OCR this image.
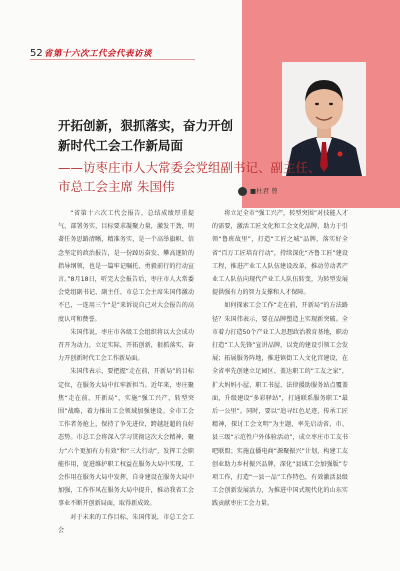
52 省第十六次工代会代表访谈
开拓创新，狠抓落实，奋力开创
新时代工会工作新局面
——访枣庄市人大常委会党组副书记、副主任、
市总工会主席 朱国伟	■杜君 曾

“省第十六次工代会报告，总结成绩厚重提气，部署务实，目标要求凝聚力量，激发干劲，明著任务思路清晰，精准务实，是一个高举旗帜、信念坚定的政治报告，是一份踔厉奋发、攀高逐阶的指导纲领，也是一篇牢记嘱托、勇毅前行的行动宣言。”8月18日，听完大会报告后，枣庄市人大常委会党组副书记、副主任、市总工会主席朱国伟激动不已，一连用三个“是”来诉说自己对大会报告的高度认可和赞誉。

朱国伟说，枣庄市各级工会组织将以大会成功召开为动力，立足实际，开拓创新，狠抓落实，奋力开创新时代工会工作新局面。

朱国伟表示，要把握“走在前，开新局”的目标定位，在服务大局中扛牢新担当。近年来，枣庄聚焦“走在前，开新局”，实施“强工兴产，转型突围”战略，着力推出工会领域加强建设。全市工会工作者务抢上，保持了争先进位，跨越赶超的良好态势。市总工会将深入学习贯彻这次大会精神，聚力“六个更加有力有效”和“三大行动”，发挥工会职能作用，促进维护职工权益在服务大局中实现，工会作用在服务大局中发挥，自身建设在服务大局中加强，工作作风在服务大局中提升，推动我省工会事业不断开创新局面，取得新成效。

对于未来的工作目标，朱国伟说，市总工会工会

将立足全市“强工兴产，转型突围”对技能人才的需要，激活工匠文化和工会文化品牌，助力于引领“鲁班故里”，打造“工匠之城”品牌，落实好全省“百万工匠培育行动”，持续深化“齐鲁工匠”建设工程，推进产业工人队伍建设改革，推动劳动者产业工人队伍向现代产业工人队伍转变，为转型发展提供强有力的智力支撑和人才保障。

如何探索工会工作“走在前，开新局”的方法路径？朱国伟表示，要在品牌塑造上实现新突破。全市着力打造50个产业工人思想政治教育基地，职动打造“工人先锋”宣讲品牌，以党的建设引领工会发展；拓展服务阵地，推进镇街工人文化宫建设，在全省率先创建立足园区、盖达职工的“工友之家”，扩大妈妈小屋、职工书屋、法律援助服务站点覆盖面，升级建设“多彩驿站”，打通联系服务职工“最后一公里”。同时，要以“追寻红色足迹，传承工匠精神，探讨工会文明”为主题，率先启动省、市、县三级“示范性户外体验活动”，成立枣庄市工友书吧联盟；实施直播电商“源聚振兴”计划，构建工友创业助力乡村振兴品牌，深化“县域工会加强版”专项工作，打造“一县一品”工作特色，有效激活县级工会创新发展活力，为推进中国式现代化的山东实践贡献枣庄工会力量。
